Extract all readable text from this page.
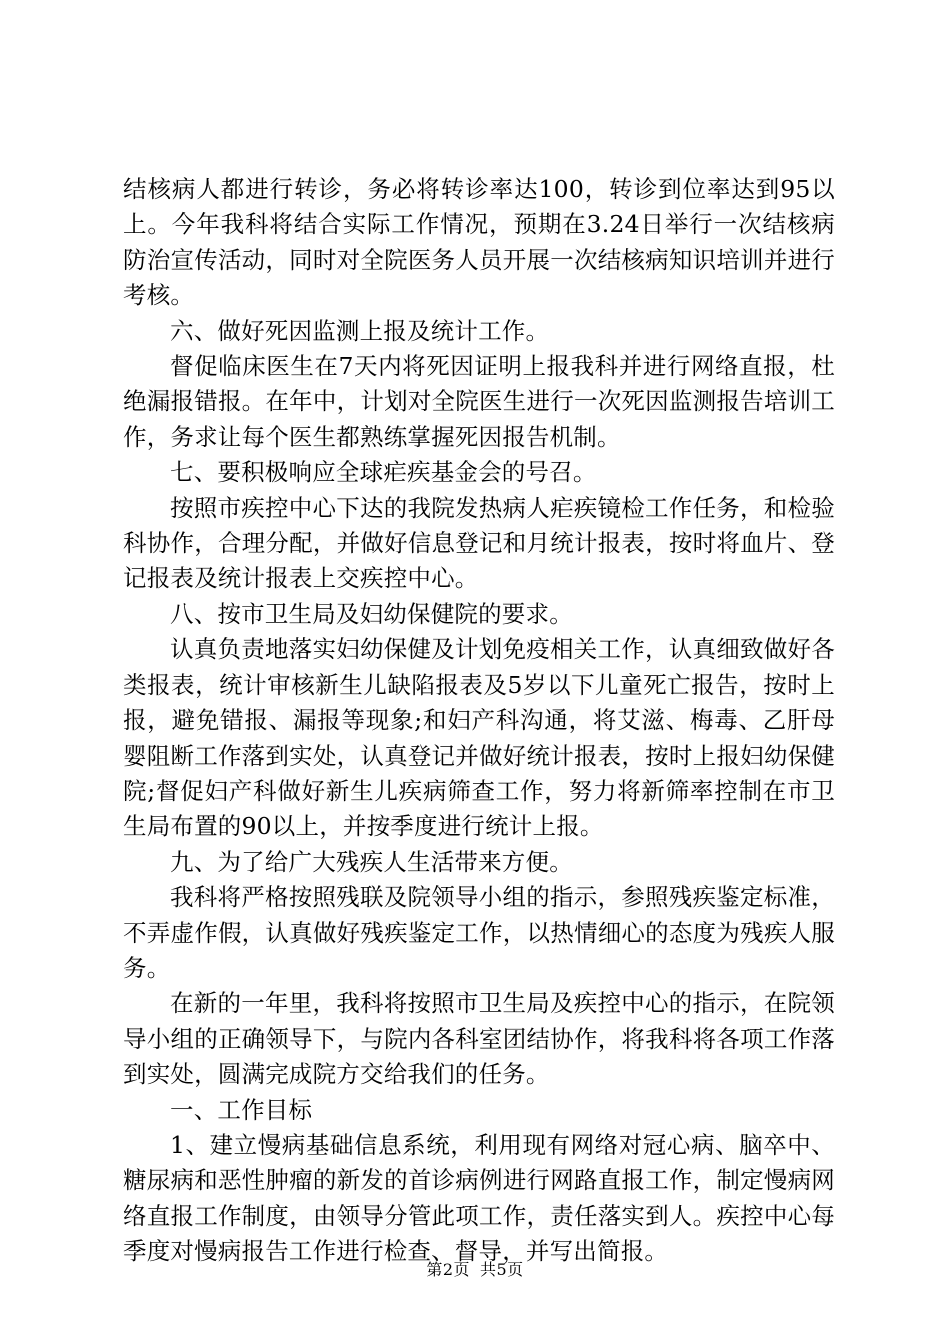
结核病人都进行转诊，务必将转诊率达100，转诊到位率达到95以上。今年我科将结合实际工作情况，预期在3.24日举行一次结核病防治宣传活动，同时对全院医务人员开展一次结核病知识培训并进行考核。

六、做好死因监测上报及统计工作。

督促临床医生在7天内将死因证明上报我科并进行网络直报，杜绝漏报错报。在年中，计划对全院医生进行一次死因监测报告培训工作，务求让每个医生都熟练掌握死因报告机制。

七、要积极响应全球疟疾基金会的号召。

按照市疾控中心下达的我院发热病人疟疾镜检工作任务，和检验科协作，合理分配，并做好信息登记和月统计报表，按时将血片、登记报表及统计报表上交疾控中心。

八、按市卫生局及妇幼保健院的要求。

认真负责地落实妇幼保健及计划免疫相关工作，认真细致做好各类报表，统计审核新生儿缺陷报表及5岁以下儿童死亡报告，按时上报，避免错报、漏报等现象;和妇产科沟通，将艾滋、梅毒、乙肝母婴阻断工作落到实处，认真登记并做好统计报表，按时上报妇幼保健院;督促妇产科做好新生儿疾病筛查工作，努力将新筛率控制在市卫生局布置的90以上，并按季度进行统计上报。

九、为了给广大残疾人生活带来方便。

我科将严格按照残联及院领导小组的指示，参照残疾鉴定标准，不弄虚作假，认真做好残疾鉴定工作，以热情细心的态度为残疾人服务。

在新的一年里，我科将按照市卫生局及疾控中心的指示，在院领导小组的正确领导下，与院内各科室团结协作，将我科将各项工作落到实处，圆满完成院方交给我们的任务。

一、工作目标

1、建立慢病基础信息系统，利用现有网络对冠心病、脑卒中、糖尿病和恶性肿瘤的新发的首诊病例进行网路直报工作，制定慢病网络直报工作制度，由领导分管此项工作，责任落实到人。疾控中心每季度对慢病报告工作进行检查、督导，并写出简报。

第2页 共5页
